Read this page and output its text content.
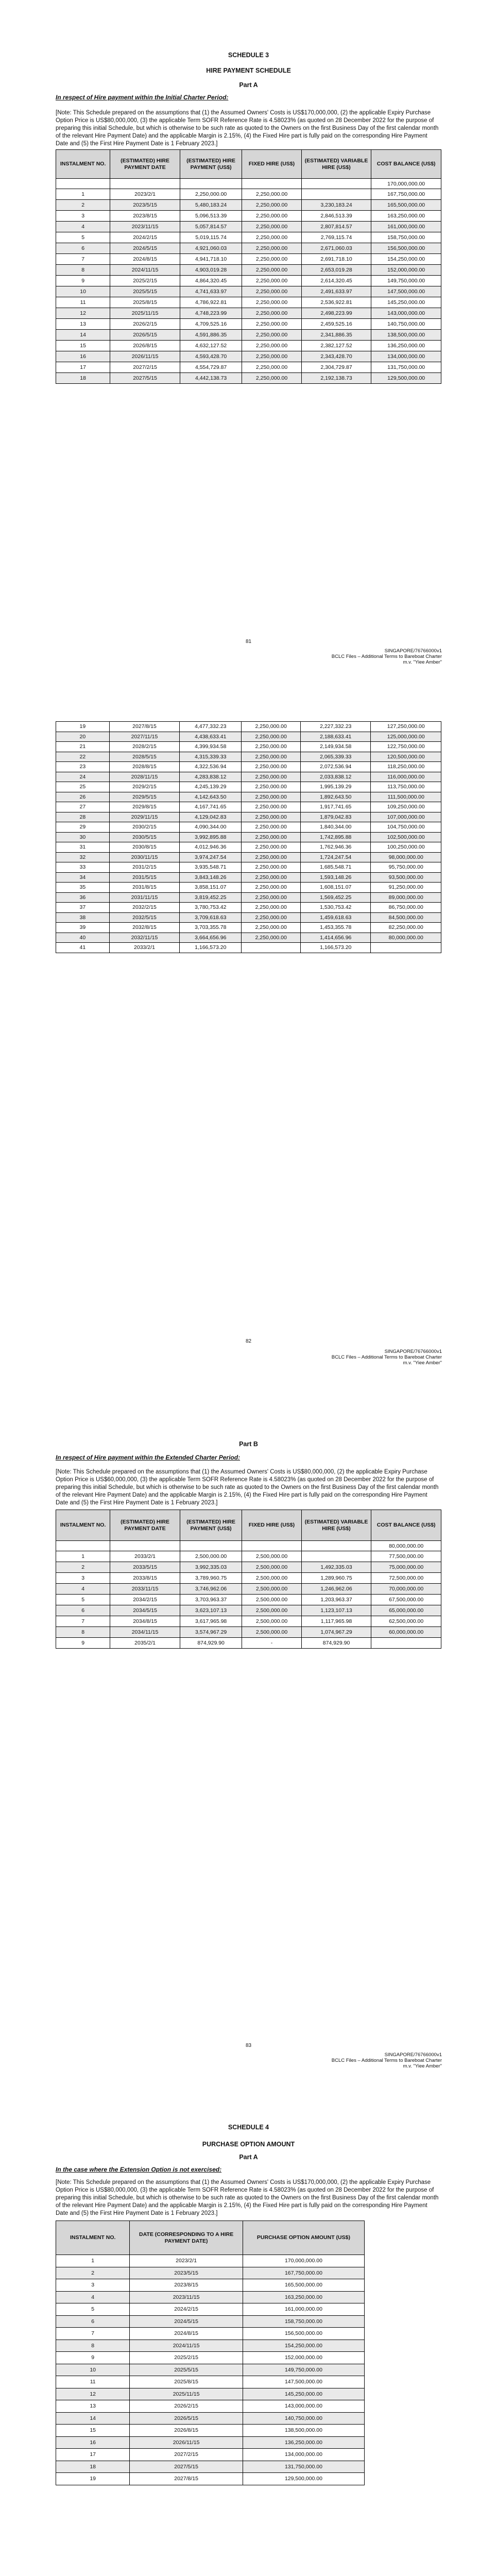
SCHEDULE 3
HIRE PAYMENT SCHEDULE
Part A
In respect of Hire payment within the Initial Charter Period:
[Note: This Schedule prepared on the assumptions that (1) the Assumed Owners' Costs is US$170,000,000, (2) the applicable Expiry Purchase Option Price is US$80,000,000, (3) the applicable Term SOFR Reference Rate is 4.58023% (as quoted on 28 December 2022 for the purpose of preparing this initial Schedule, but which is otherwise to be such rate as quoted to the Owners on the first Business Day of the first calendar month of the relevant Hire Payment Date) and the applicable Margin is 2.15%, (4) the Fixed Hire part is fully paid on the corresponding Hire Payment Date and (5) the First Hire Payment Date is 1 February 2023.]
INSTALMENT NO.	(ESTIMATED) HIRE PAYMENT DATE	(ESTIMATED) HIRE PAYMENT (US$)	FIXED HIRE (US$)	(ESTIMATED) VARIABLE HIRE (US$)	COST BALANCE (US$)
					170,000,000.00
1	2023/2/1	2,250,000.00	2,250,000.00		167,750,000.00
2	2023/5/15	5,480,183.24	2,250,000.00	3,230,183.24	165,500,000.00
3	2023/8/15	5,096,513.39	2,250,000.00	2,846,513.39	163,250,000.00
4	2023/11/15	5,057,814.57	2,250,000.00	2,807,814.57	161,000,000.00
5	2024/2/15	5,019,115.74	2,250,000.00	2,769,115.74	158,750,000.00
6	2024/5/15	4,921,060.03	2,250,000.00	2,671,060.03	156,500,000.00
7	2024/8/15	4,941,718.10	2,250,000.00	2,691,718.10	154,250,000.00
8	2024/11/15	4,903,019.28	2,250,000.00	2,653,019.28	152,000,000.00
9	2025/2/15	4,864,320.45	2,250,000.00	2,614,320.45	149,750,000.00
10	2025/5/15	4,741,633.97	2,250,000.00	2,491,633.97	147,500,000.00
11	2025/8/15	4,786,922.81	2,250,000.00	2,536,922.81	145,250,000.00
12	2025/11/15	4,748,223.99	2,250,000.00	2,498,223.99	143,000,000.00
13	2026/2/15	4,709,525.16	2,250,000.00	2,459,525.16	140,750,000.00
14	2026/5/15	4,591,886.35	2,250,000.00	2,341,886.35	138,500,000.00
15	2026/8/15	4,632,127.52	2,250,000.00	2,382,127.52	136,250,000.00
16	2026/11/15	4,593,428.70	2,250,000.00	2,343,428.70	134,000,000.00
17	2027/2/15	4,554,729.87	2,250,000.00	2,304,729.87	131,750,000.00
18	2027/5/15	4,442,138.73	2,250,000.00	2,192,138.73	129,500,000.00
81
SINGAPORE/76766000v1
BCLC Files – Additional Terms to Bareboat Charter
m.v. "Yiee Amber"
19	2027/8/15	4,477,332.23	2,250,000.00	2,227,332.23	127,250,000.00
20	2027/11/15	4,438,633.41	2,250,000.00	2,188,633.41	125,000,000.00
21	2028/2/15	4,399,934.58	2,250,000.00	2,149,934.58	122,750,000.00
22	2028/5/15	4,315,339.33	2,250,000.00	2,065,339.33	120,500,000.00
23	2028/8/15	4,322,536.94	2,250,000.00	2,072,536.94	118,250,000.00
24	2028/11/15	4,283,838.12	2,250,000.00	2,033,838.12	116,000,000.00
25	2029/2/15	4,245,139.29	2,250,000.00	1,995,139.29	113,750,000.00
26	2029/5/15	4,142,643.50	2,250,000.00	1,892,643.50	111,500,000.00
27	2029/8/15	4,167,741.65	2,250,000.00	1,917,741.65	109,250,000.00
28	2029/11/15	4,129,042.83	2,250,000.00	1,879,042.83	107,000,000.00
29	2030/2/15	4,090,344.00	2,250,000.00	1,840,344.00	104,750,000.00
30	2030/5/15	3,992,895.88	2,250,000.00	1,742,895.88	102,500,000.00
31	2030/8/15	4,012,946.36	2,250,000.00	1,762,946.36	100,250,000.00
32	2030/11/15	3,974,247.54	2,250,000.00	1,724,247.54	98,000,000.00
33	2031/2/15	3,935,548.71	2,250,000.00	1,685,548.71	95,750,000.00
34	2031/5/15	3,843,148.26	2,250,000.00	1,593,148.26	93,500,000.00
35	2031/8/15	3,858,151.07	2,250,000.00	1,608,151.07	91,250,000.00
36	2031/11/15	3,819,452.25	2,250,000.00	1,569,452.25	89,000,000.00
37	2032/2/15	3,780,753.42	2,250,000.00	1,530,753.42	86,750,000.00
38	2032/5/15	3,709,618.63	2,250,000.00	1,459,618.63	84,500,000.00
39	2032/8/15	3,703,355.78	2,250,000.00	1,453,355.78	82,250,000.00
40	2032/11/15	3,664,656.96	2,250,000.00	1,414,656.96	80,000,000.00
41	2033/2/1	1,166,573.20		1,166,573.20	
82
SINGAPORE/76766000v1
BCLC Files – Additional Terms to Bareboat Charter
m.v. "Yiee Amber"
Part B
In respect of Hire payment within the Extended Charter Period:
[Note: This Schedule prepared on the assumptions that (1) the Assumed Owners' Costs is US$80,000,000, (2) the applicable Expiry Purchase Option Price is US$60,000,000, (3) the applicable Term SOFR Reference Rate is 4.58023% (as quoted on 28 December 2022 for the purpose of preparing this initial Schedule, but which is otherwise to be such rate as quoted to the Owners on the first Business Day of the first calendar month of the relevant Hire Payment Date) and the applicable Margin is 2.15%, (4) the Fixed Hire part is fully paid on the corresponding Hire Payment Date and (5) the First Hire Payment Date is 1 February 2023.]
INSTALMENT NO.	(ESTIMATED) HIRE PAYMENT DATE	(ESTIMATED) HIRE PAYMENT (US$)	FIXED HIRE (US$)	(ESTIMATED) VARIABLE HIRE (US$)	COST BALANCE (US$)
					80,000,000.00
1	2033/2/1	2,500,000.00	2,500,000.00		77,500,000.00
2	2033/5/15	3,992,335.03	2,500,000.00	1,492,335.03	75,000,000.00
3	2033/8/15	3,789,960.75	2,500,000.00	1,289,960.75	72,500,000.00
4	2033/11/15	3,746,962.06	2,500,000.00	1,246,962.06	70,000,000.00
5	2034/2/15	3,703,963.37	2,500,000.00	1,203,963.37	67,500,000.00
6	2034/5/15	3,623,107.13	2,500,000.00	1,123,107.13	65,000,000.00
7	2034/8/15	3,617,965.98	2,500,000.00	1,117,965.98	62,500,000.00
8	2034/11/15	3,574,967.29	2,500,000.00	1,074,967.29	60,000,000.00
9	2035/2/1	874,929.90	-	874,929.90	
83
SINGAPORE/76766000v1
BCLC Files – Additional Terms to Bareboat Charter
m.v. "Yiee Amber"
SCHEDULE 4
PURCHASE OPTION AMOUNT
Part A
In the case where the Extension Option is not exercised:
[Note: This Schedule prepared on the assumptions that (1) the Assumed Owners' Costs is US$170,000,000, (2) the applicable Expiry Purchase Option Price is US$80,000,000, (3) the applicable Term SOFR Reference Rate is 4.58023% (as quoted on 28 December 2022 for the purpose of preparing this initial Schedule, but which is otherwise to be such rate as quoted to the Owners on the first Business Day of the first calendar month of the relevant Hire Payment Date) and the applicable Margin is 2.15%, (4) the Fixed Hire part is fully paid on the corresponding Hire Payment Date and (5) the First Hire Payment Date is 1 February 2023.]
INSTALMENT NO.	DATE (CORRESPONDING TO A HIRE PAYMENT DATE)	PURCHASE OPTION AMOUNT (US$)
1	2023/2/1	170,000,000.00
2	2023/5/15	167,750,000.00
3	2023/8/15	165,500,000.00
4	2023/11/15	163,250,000.00
5	2024/2/15	161,000,000.00
6	2024/5/15	158,750,000.00
7	2024/8/15	156,500,000.00
8	2024/11/15	154,250,000.00
9	2025/2/15	152,000,000.00
10	2025/5/15	149,750,000.00
11	2025/8/15	147,500,000.00
12	2025/11/15	145,250,000.00
13	2026/2/15	143,000,000.00
14	2026/5/15	140,750,000.00
15	2026/8/15	138,500,000.00
16	2026/11/15	136,250,000.00
17	2027/2/15	134,000,000.00
18	2027/5/15	131,750,000.00
19	2027/8/15	129,500,000.00
